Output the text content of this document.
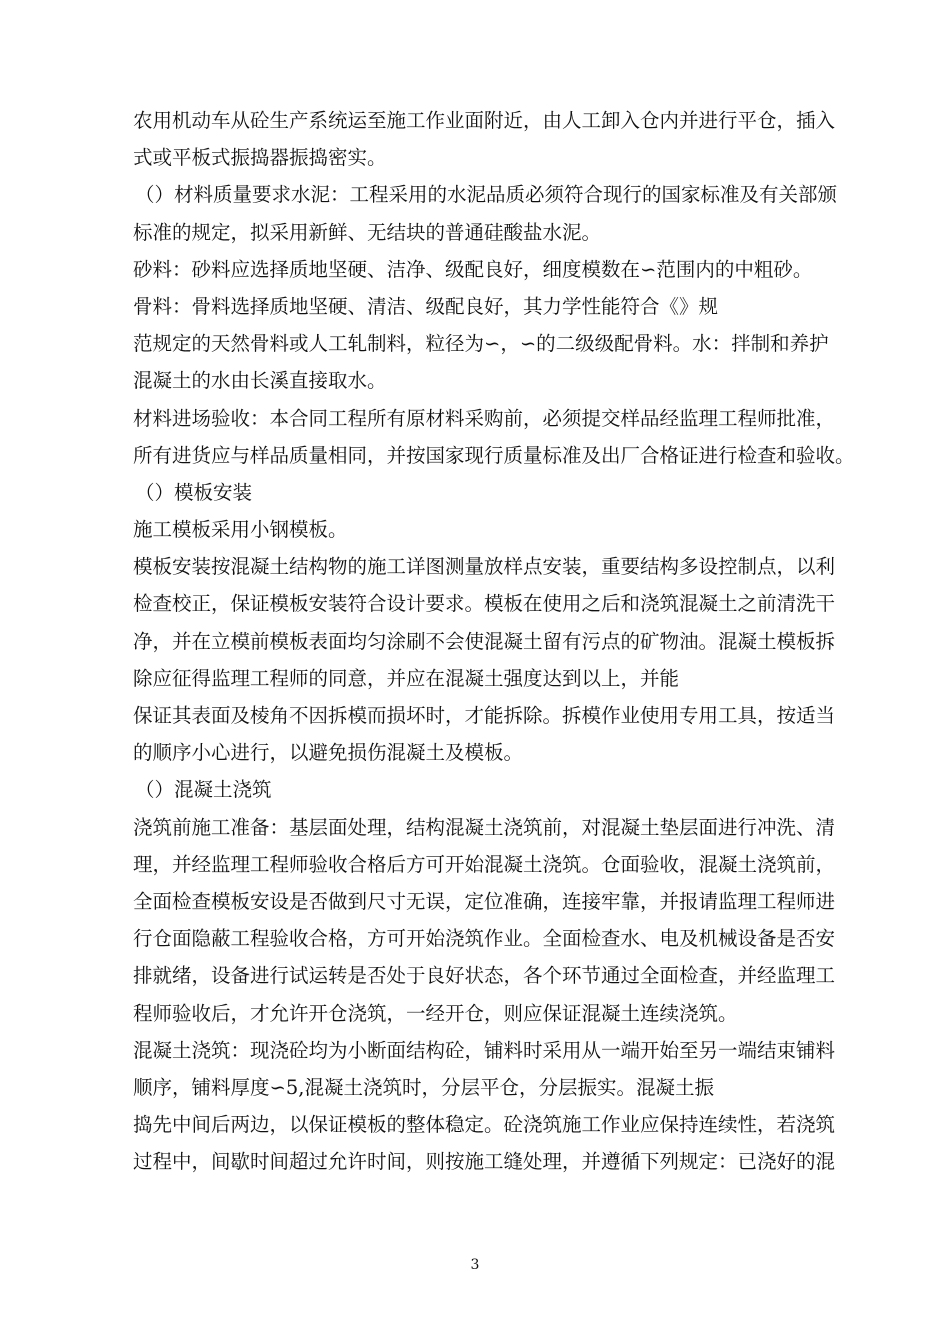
农用机动车从砼生产系统运至施工作业面附近，由人工卸入仓内并进行平仓，插入
式或平板式振捣器振捣密实。
（）材料质量要求水泥：工程采用的水泥品质必须符合现行的国家标准及有关部颁
标准的规定，拟采用新鲜、无结块的普通硅酸盐水泥。
砂料：砂料应选择质地坚硬、洁净、级配良好，细度模数在∽范围内的中粗砂。
骨料：骨料选择质地坚硬、清洁、级配良好，其力学性能符合《》规
范规定的天然骨料或人工轧制料，粒径为∽，∽的二级级配骨料。水：拌制和养护
混凝土的水由长溪直接取水。
材料进场验收：本合同工程所有原材料采购前，必须提交样品经监理工程师批准，
所有进货应与样品质量相同，并按国家现行质量标准及出厂合格证进行检查和验收。
（）模板安装
施工模板采用小钢模板。
模板安装按混凝土结构物的施工详图测量放样点安装，重要结构多设控制点，以利
检查校正，保证模板安装符合设计要求。模板在使用之后和浇筑混凝土之前清洗干
净，并在立模前模板表面均匀涂刷不会使混凝土留有污点的矿物油。混凝土模板拆
除应征得监理工程师的同意，并应在混凝土强度达到以上，并能
保证其表面及棱角不因拆模而损坏时，才能拆除。拆模作业使用专用工具，按适当
的顺序小心进行，以避免损伤混凝土及模板。
（）混凝土浇筑
浇筑前施工准备：基层面处理，结构混凝土浇筑前，对混凝土垫层面进行冲洗、清
理，并经监理工程师验收合格后方可开始混凝土浇筑。仓面验收，混凝土浇筑前，
全面检查模板安设是否做到尺寸无误，定位准确，连接牢靠，并报请监理工程师进
行仓面隐蔽工程验收合格，方可开始浇筑作业。全面检查水、电及机械设备是否安
排就绪，设备进行试运转是否处于良好状态，各个环节通过全面检查，并经监理工
程师验收后，才允许开仓浇筑，一经开仓，则应保证混凝土连续浇筑。
混凝土浇筑：现浇砼均为小断面结构砼，铺料时采用从一端开始至另一端结束铺料
顺序，铺料厚度∽5,混凝土浇筑时，分层平仓，分层振实。混凝土振
捣先中间后两边，以保证模板的整体稳定。砼浇筑施工作业应保持连续性，若浇筑
过程中，间歇时间超过允许时间，则按施工缝处理，并遵循下列规定：已浇好的混
3
